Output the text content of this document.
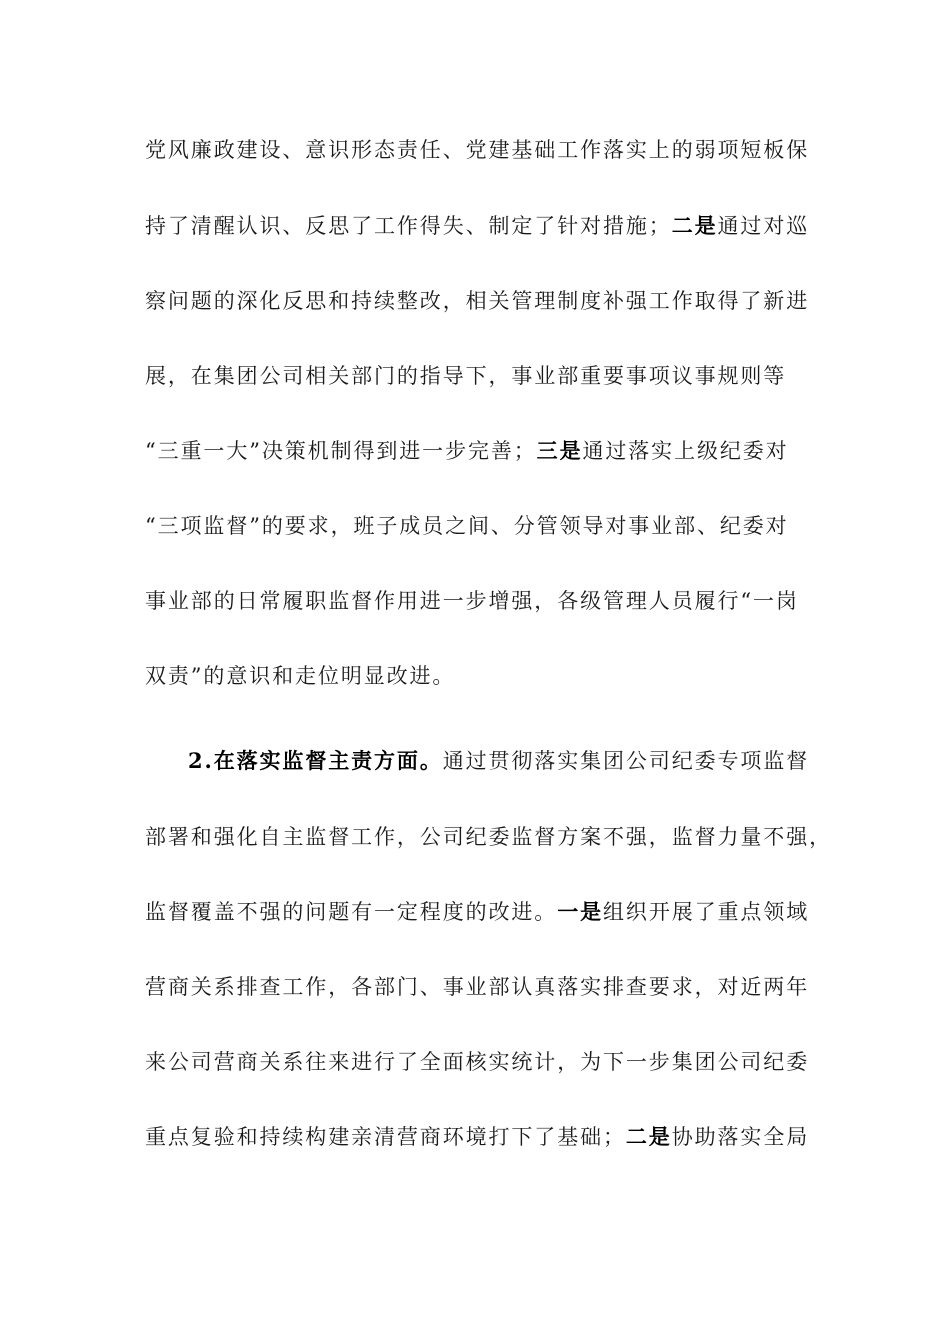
党风廉政建设、意识形态责任、党建基础工作落实上的弱项短板保
持了清醒认识、反思了工作得失、制定了针对措施；二是通过对巡
察问题的深化反思和持续整改，相关管理制度补强工作取得了新进
展，在集团公司相关部门的指导下，事业部重要事项议事规则等
“三重一大”决策机制得到进一步完善；三是通过落实上级纪委对
“三项监督”的要求，班子成员之间、分管领导对事业部、纪委对
事业部的日常履职监督作用进一步增强，各级管理人员履行“一岗
双责”的意识和走位明显改进。
2.在落实监督主责方面。通过贯彻落实集团公司纪委专项监督
部署和强化自主监督工作，公司纪委监督方案不强，监督力量不强，
监督覆盖不强的问题有一定程度的改进。一是组织开展了重点领域
营商关系排查工作，各部门、事业部认真落实排查要求，对近两年
来公司营商关系往来进行了全面核实统计，为下一步集团公司纪委
重点复验和持续构建亲清营商环境打下了基础；二是协助落实全局
